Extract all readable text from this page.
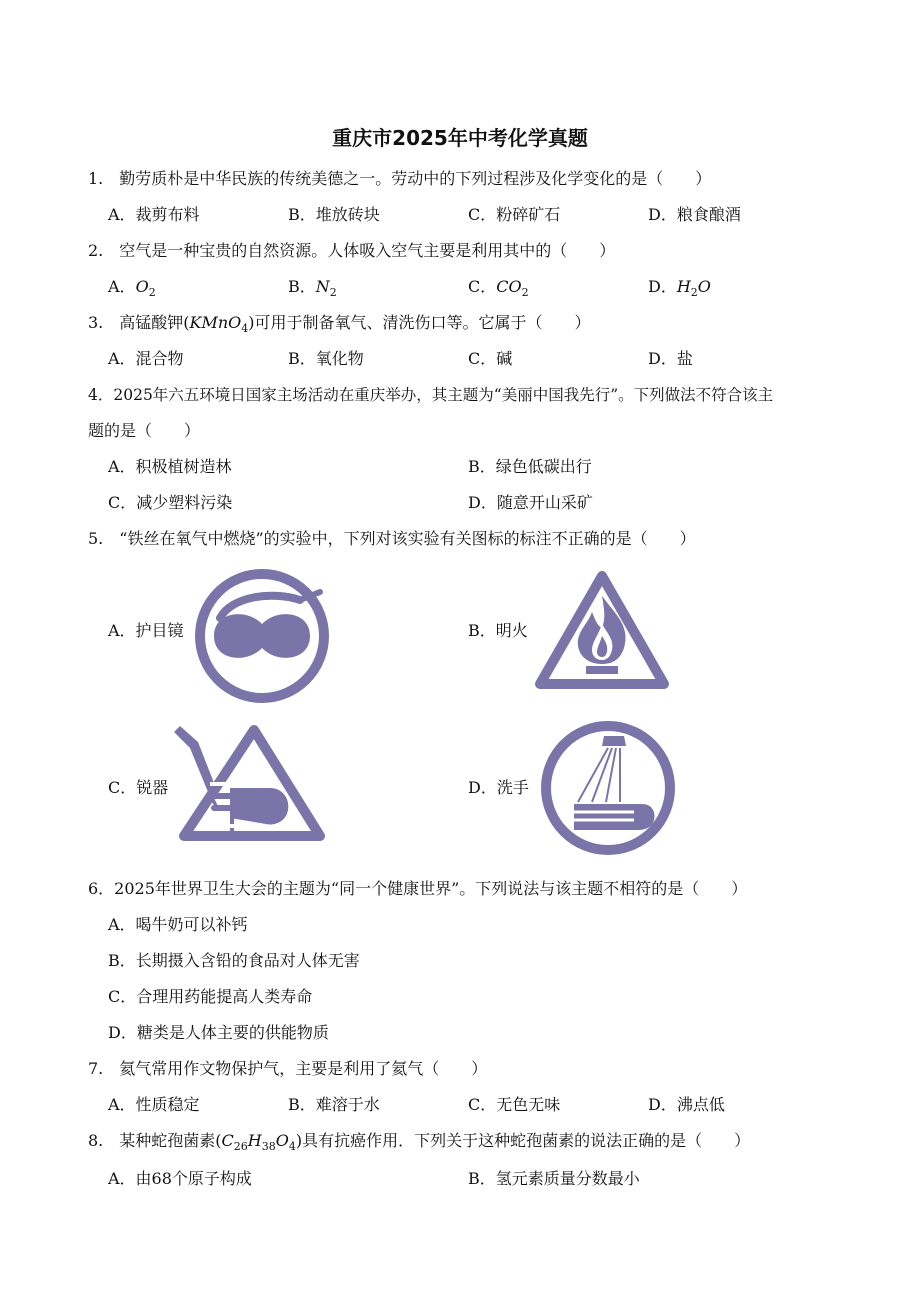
重庆市2025年中考化学真题
1.　勤劳质朴是中华民族的传统美德之一。劳动中的下列过程涉及化学变化的是（　　）
A．裁剪布料	B．堆放砖块	C．粉碎矿石	D．粮食酿酒
2.　空气是一种宝贵的自然资源。人体吸入空气主要是利用其中的（　　）
A．$O_2$	B．$N_2$	C．$CO_2$	D．$H_2O$
3.　高锰酸钾(KMnO$_4$)可用于制备氧气、清洗伤口等。它属于（　　）
A．混合物	B．氧化物	C．碱	D．盐
4．2025年六五环境日国家主场活动在重庆举办，其主题为“美丽中国我先行”。下列做法不符合该主
题的是（　　）
A．积极植树造林	B．绿色低碳出行
C．减少塑料污染	D．随意开山采矿
5.　“铁丝在氧气中燃烧”的实验中，下列对该实验有关图标的标注不正确的是（　　）
A．护目镜	B．明火
C．锐器	D．洗手
6．2025年世界卫生大会的主题为“同一个健康世界”。下列说法与该主题不相符的是（　　）
A．喝牛奶可以补钙
B．长期摄入含铅的食品对人体无害
C．合理用药能提高人类寿命
D．糖类是人体主要的供能物质
7.　氦气常用作文物保护气，主要是利用了氦气（　　）
A．性质稳定	B．难溶于水	C．无色无味	D．沸点低
8.　某种蛇孢菌素$(C_{26}H_{38}O_4)$具有抗癌作用．下列关于这种蛇孢菌素的说法正确的是（　　）
A．由68个原子构成	B．氢元素质量分数最小
